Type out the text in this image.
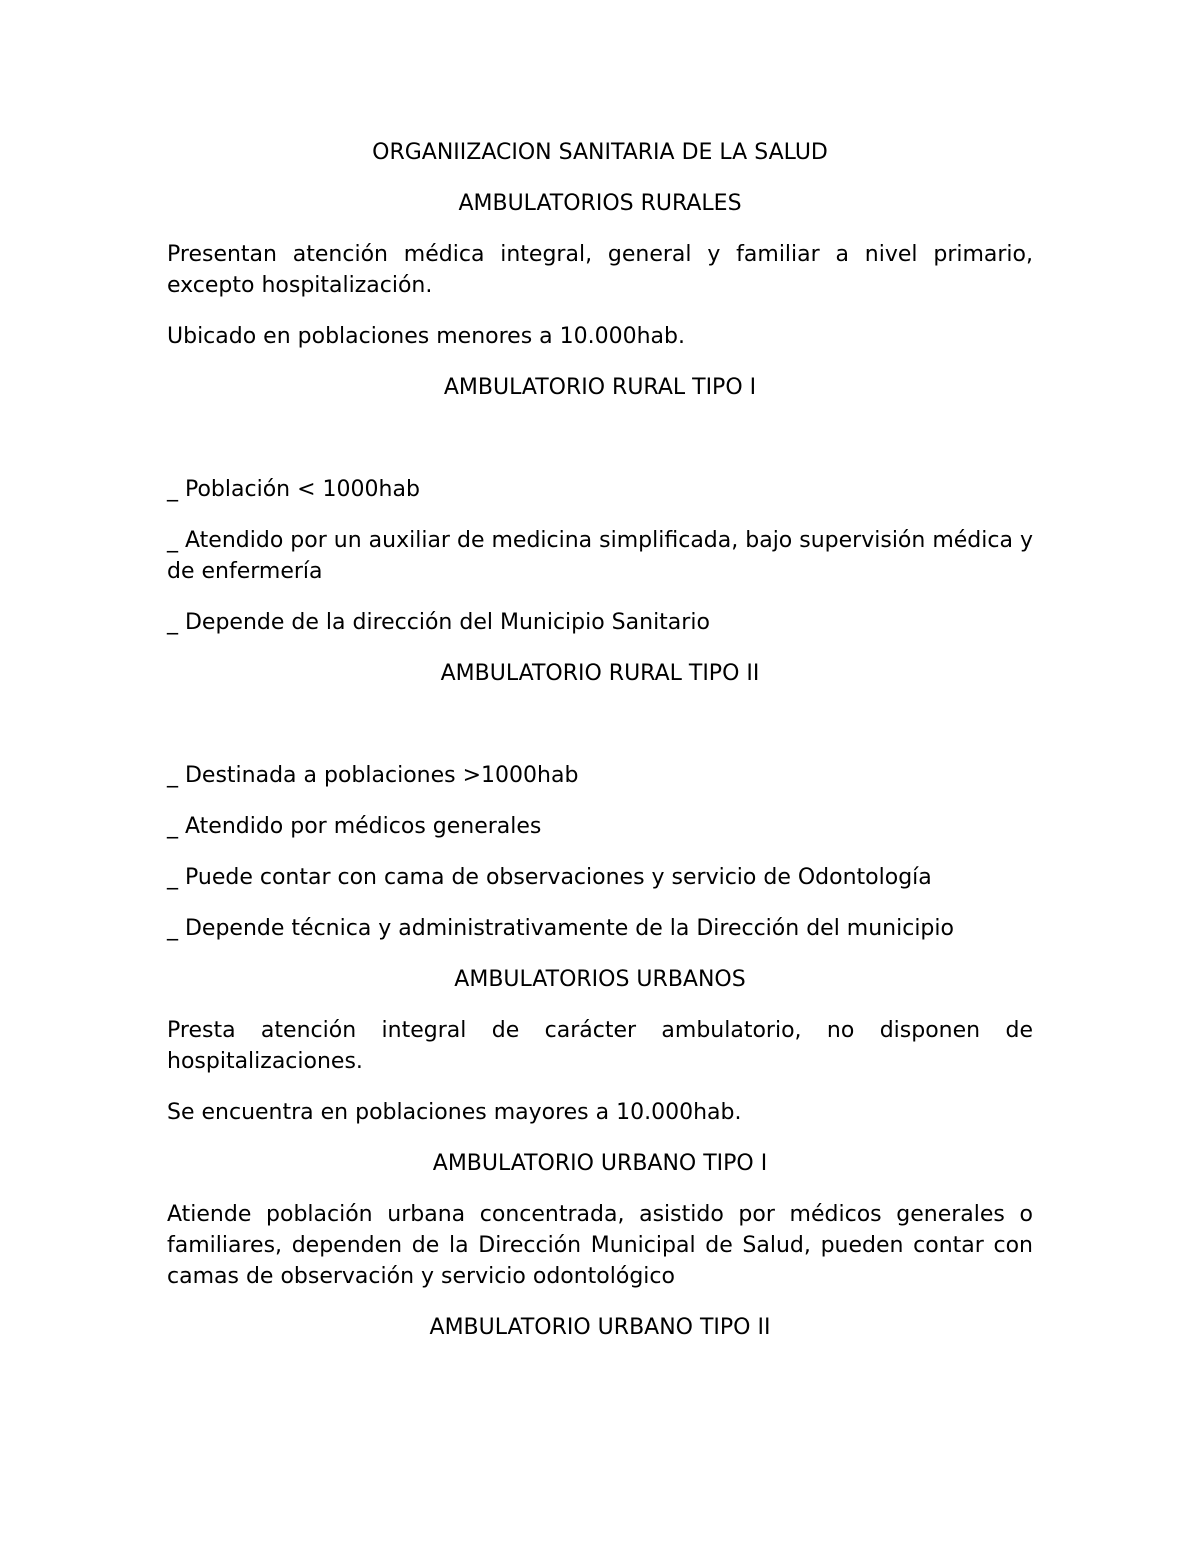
ORGANIIZACION SANITARIA DE LA SALUD

AMBULATORIOS RURALES

Presentan atención médica integral, general y familiar a nivel primario, excepto hospitalización.

Ubicado en poblaciones menores a 10.000hab.

AMBULATORIO RURAL TIPO I

_ Población < 1000hab

_ Atendido por un auxiliar de medicina simplificada, bajo supervisión médica y de enfermería

_ Depende de la dirección del Municipio Sanitario

AMBULATORIO RURAL TIPO II

_ Destinada a poblaciones >1000hab

_ Atendido por médicos generales

_ Puede contar con cama de observaciones y servicio de Odontología

_ Depende técnica y administrativamente de la Dirección del municipio

AMBULATORIOS URBANOS

Presta atención integral de carácter ambulatorio, no disponen de hospitalizaciones.

Se encuentra en poblaciones mayores a 10.000hab.

AMBULATORIO URBANO TIPO I

Atiende población urbana concentrada, asistido por médicos generales o familiares, dependen de la Dirección Municipal de Salud, pueden contar con camas de observación y servicio odontológico

AMBULATORIO URBANO TIPO II
